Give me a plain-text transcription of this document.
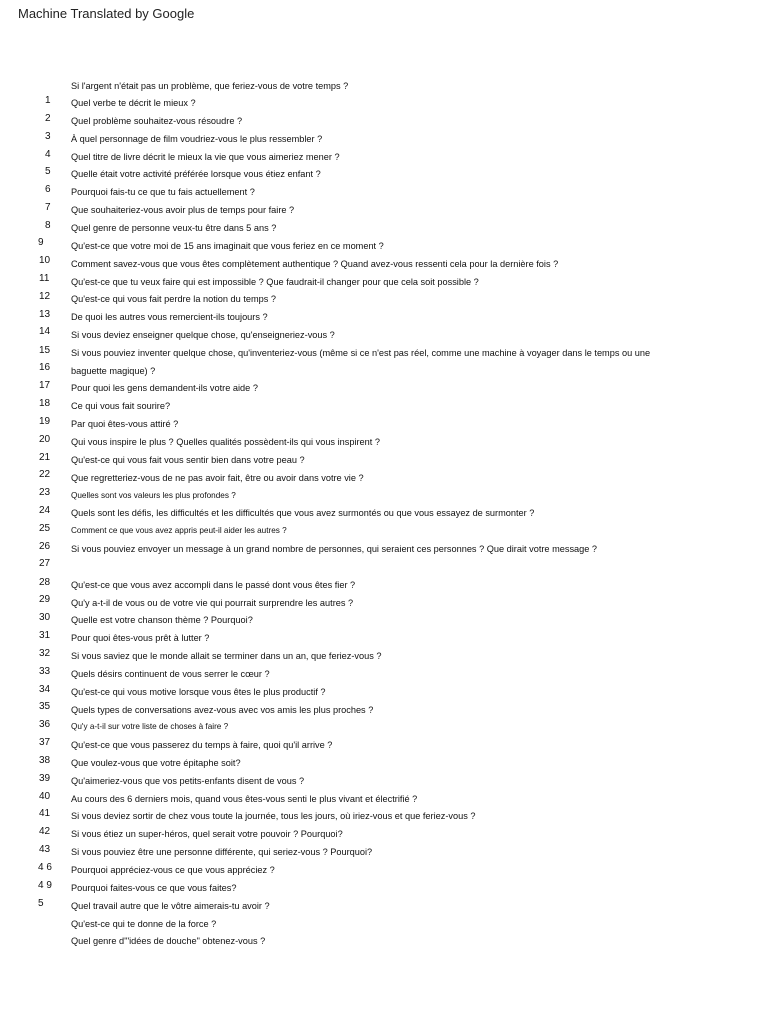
Machine Translated by Google
1
2
3
4
5
6
7
8
9
10
11
12
13
14
15
16
17
18
19
20
21
22
23
24
25
26
27
28
29
30
31
32
33
34
35
36
37
38
39
40
41
42
43
4 6
4 9
5
Si l'argent n'était pas un problème, que feriez-vous de votre temps ?
Quel verbe te décrit le mieux ?
Quel problème souhaitez-vous résoudre ?
À quel personnage de film voudriez-vous le plus ressembler ?
Quel titre de livre décrit le mieux la vie que vous aimeriez mener ?
Quelle était votre activité préférée lorsque vous étiez enfant ?
Pourquoi fais-tu ce que tu fais actuellement ?
Que souhaiteriez-vous avoir plus de temps pour faire ?
Quel genre de personne veux-tu être dans 5 ans ?
Qu'est-ce que votre moi de 15 ans imaginait que vous feriez en ce moment ?
Comment savez-vous que vous êtes complètement authentique ? Quand avez-vous ressenti cela pour la dernière fois ?
Qu'est-ce que tu veux faire qui est impossible ? Que faudrait-il changer pour que cela soit possible ?
Qu'est-ce qui vous fait perdre la notion du temps ?
De quoi les autres vous remercient-ils toujours ?
Si vous deviez enseigner quelque chose, qu'enseigneriez-vous ?
Si vous pouviez inventer quelque chose, qu'inventeriez-vous (même si ce n'est pas réel, comme une machine à voyager dans le temps ou une
baguette magique) ?
Pour quoi les gens demandent-ils votre aide ?
Ce qui vous fait sourire?
Par quoi êtes-vous attiré ?
Qui vous inspire le plus ? Quelles qualités possèdent-ils qui vous inspirent ?
Qu'est-ce qui vous fait vous sentir bien dans votre peau ?
Que regretteriez-vous de ne pas avoir fait, être ou avoir dans votre vie ?
Quelles sont vos valeurs les plus profondes ?
Quels sont les défis, les difficultés et les difficultés que vous avez surmontés ou que vous essayez de surmonter ?
Comment ce que vous avez appris peut-il aider les autres ?
Si vous pouviez envoyer un message à un grand nombre de personnes, qui seraient ces personnes ? Que dirait votre message ?
Qu'est-ce que vous avez accompli dans le passé dont vous êtes fier ?
Qu'y a-t-il de vous ou de votre vie qui pourrait surprendre les autres ?
Quelle est votre chanson thème ? Pourquoi?
Pour quoi êtes-vous prêt à lutter ?
Si vous saviez que le monde allait se terminer dans un an, que feriez-vous ?
Quels désirs continuent de vous serrer le cœur ?
Qu'est-ce qui vous motive lorsque vous êtes le plus productif ?
Quels types de conversations avez-vous avec vos amis les plus proches ?
Qu'y a-t-il sur votre liste de choses à faire ?
Qu'est-ce que vous passerez du temps à faire, quoi qu'il arrive ?
Que voulez-vous que votre épitaphe soit?
Qu'aimeriez-vous que vos petits-enfants disent de vous ?
Au cours des 6 derniers mois, quand vous êtes-vous senti le plus vivant et électrifié ?
Si vous deviez sortir de chez vous toute la journée, tous les jours, où iriez-vous et que feriez-vous ?
Si vous étiez un super-héros, quel serait votre pouvoir ? Pourquoi?
Si vous pouviez être une personne différente, qui seriez-vous ? Pourquoi?
Pourquoi appréciez-vous ce que vous appréciez ?
Pourquoi faites-vous ce que vous faites?
Quel travail autre que le vôtre aimerais-tu avoir ?
Qu'est-ce qui te donne de la force ?
Quel genre d'"idées de douche" obtenez-vous ?
